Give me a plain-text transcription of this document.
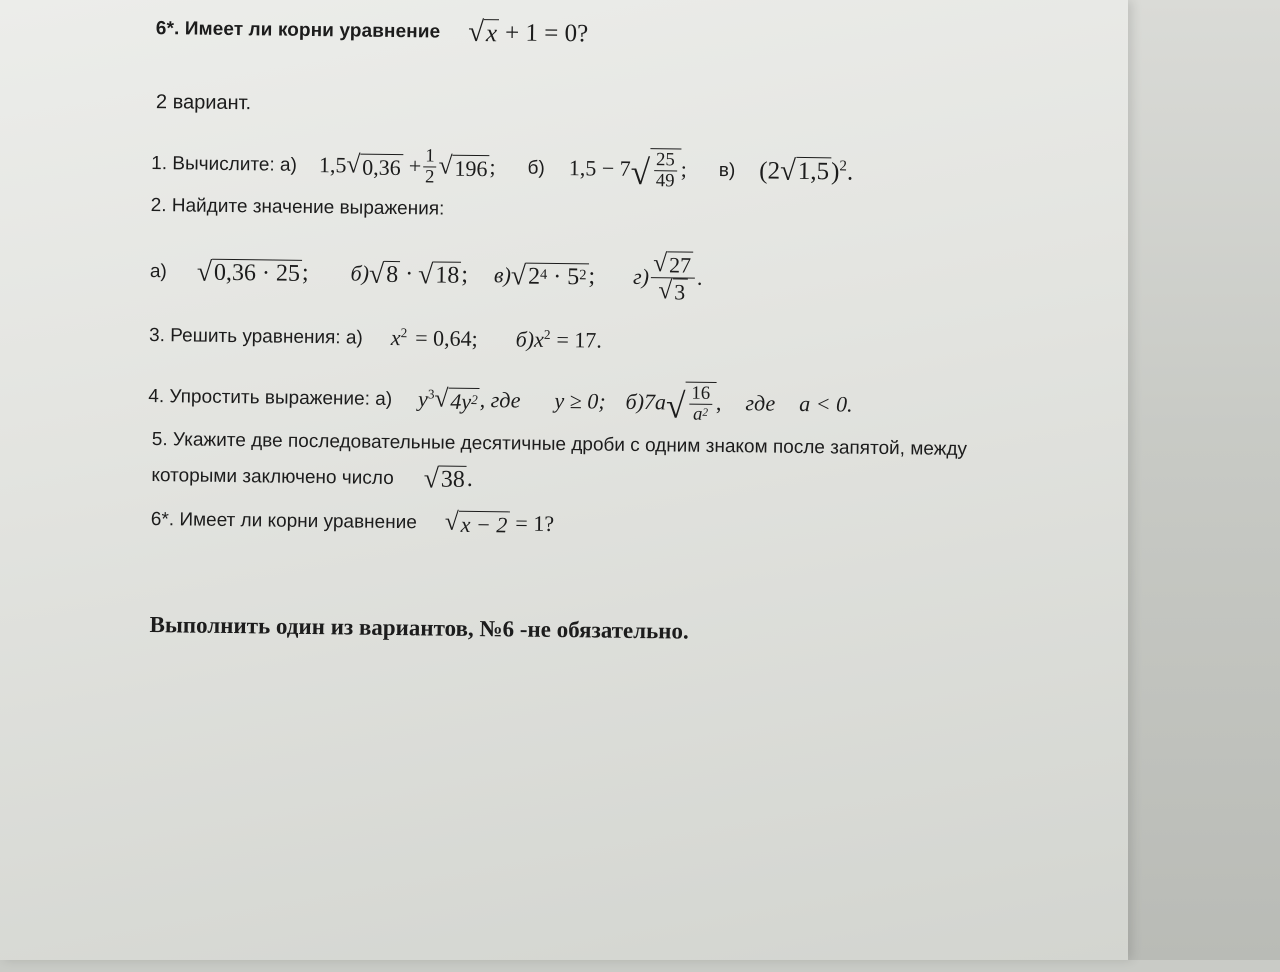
6*. Имеет ли корни уравнение √ x + 1 = 0?
2 вариант.
1. Вычислите: а) 1,5 √ $0,36 + \frac{1}{2}$ √ 196 ; б) 1,5 − 7 √ $\frac{25}{49}$ ; в) (2 √ 1,5 )$^2$ .
2. Найдите значение выражения:
а) √ 0,36 · 25 ; б) √ 8 · √ 18 ; в) √ $2^4 \cdot 5^2$ ; $г) \frac{√ 27}{√ 3}$ .
3. Решить уравнения: а) $x^2 = 0,64$; б) $x^2 = 17$.
4. Упростить выражение: а) $y^3$ √ $4y^2$ , где y ≥ 0; б) 7a √ $\frac{16}{a^2}$ , где a < 0.
5. Укажите две последовательные десятичные дроби с одним знаком после запятой, между
которыми заключено число √ 38 .
6*. Имеет ли корни уравнение √ x − 2 = 1?
Выполнить один из вариантов, №6 -не обязательно.
